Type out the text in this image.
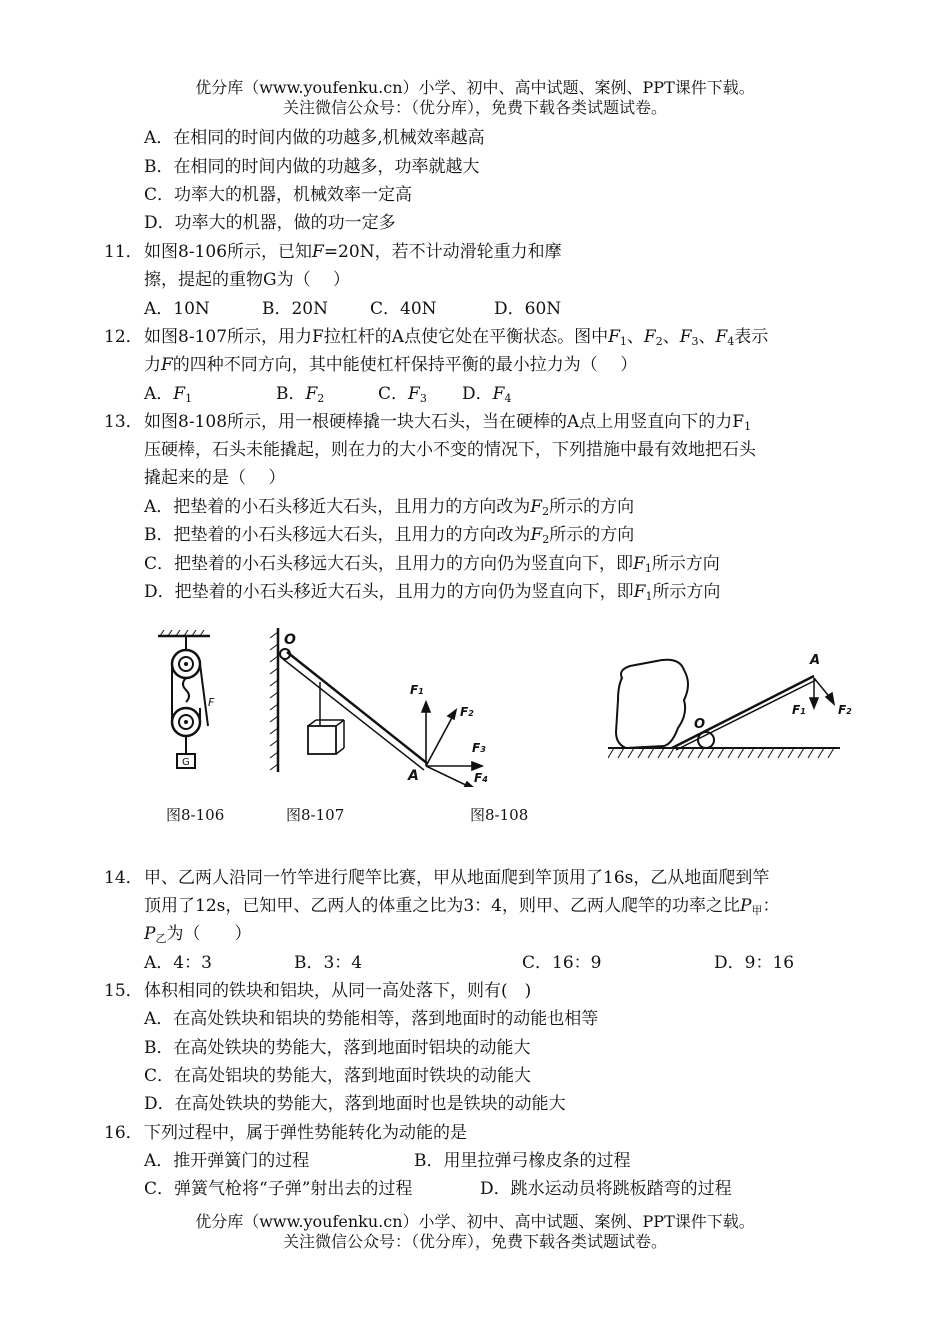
优分库（www.youfenku.cn）小学、初中、高中试题、案例、PPT课件下载。
关注微信公众号：（优分库），免费下载各类试题试卷。
A．在相同的时间内做的功越多,机械效率越高
B．在相同的时间内做的功越多，功率就越大
C．功率大的机器，机械效率一定高
D．功率大的机器，做的功一定多
11． 如图8-106所示，已知F=20N，若不计动滑轮重力和摩
擦，提起的重物G为（　 ）
A．10N	B．20N C．40N	D．60N
12． 如图8-107所示，用力F拉杠杆的A点使它处在平衡状态。图中$F_1$、$F_2$、$F_3$、$F_4$表示
力F的四种不同方向，其中能使杠杆保持平衡的最小拉力为（　 ）
A．$F_1$	B．$F_2$	C．$F_3$ D．$F_4$
13． 如图8-108所示，用一根硬棒撬一块大石头，当在硬棒的A点上用竖直向下的力$F_1$
压硬棒，石头未能撬起，则在力的大小不变的情况下，下列措施中最有效地把石头
撬起来的是（　 ）
A．把垫着的小石头移近大石头，且用力的方向改为$F_2$所示的方向
B．把垫着的小石头移远大石头，且用力的方向改为$F_2$所示的方向
C．把垫着的小石头移远大石头，且用力的方向仍为竖直向下，即$F_1$所示方向
D．把垫着的小石头移近大石头，且用力的方向仍为竖直向下，即$F_1$所示方向
F
G
O
A
F1
F2
F3
F4
A
O
F1	F2
图8-106	图8-107	图8-108
14． 甲、乙两人沿同一竹竿进行爬竿比赛，甲从地面爬到竿顶用了16s，乙从地面爬到竿
顶用了12s，已知甲、乙两人的体重之比为3：4，则甲、乙两人爬竿的功率之比$P_甲$：
$P_乙$为（　　）
A．4：3	B．3：4	C．16：9	D．9：16
15． 体积相同的铁块和铝块，从同一高处落下，则有(　)
A．在高处铁块和铝块的势能相等，落到地面时的动能也相等
B．在高处铁块的势能大，落到地面时铝块的动能大
C．在高处铝块的势能大，落到地面时铁块的动能大
D．在高处铁块的势能大，落到地面时也是铁块的动能大
16． 下列过程中，属于弹性势能转化为动能的是
A．推开弹簧门的过程	B．用里拉弹弓橡皮条的过程
C．弹簧气枪将“子弹”射出去的过程	D．跳水运动员将跳板踏弯的过程
优分库（www.youfenku.cn）小学、初中、高中试题、案例、PPT课件下载。
关注微信公众号：（优分库），免费下载各类试题试卷。
